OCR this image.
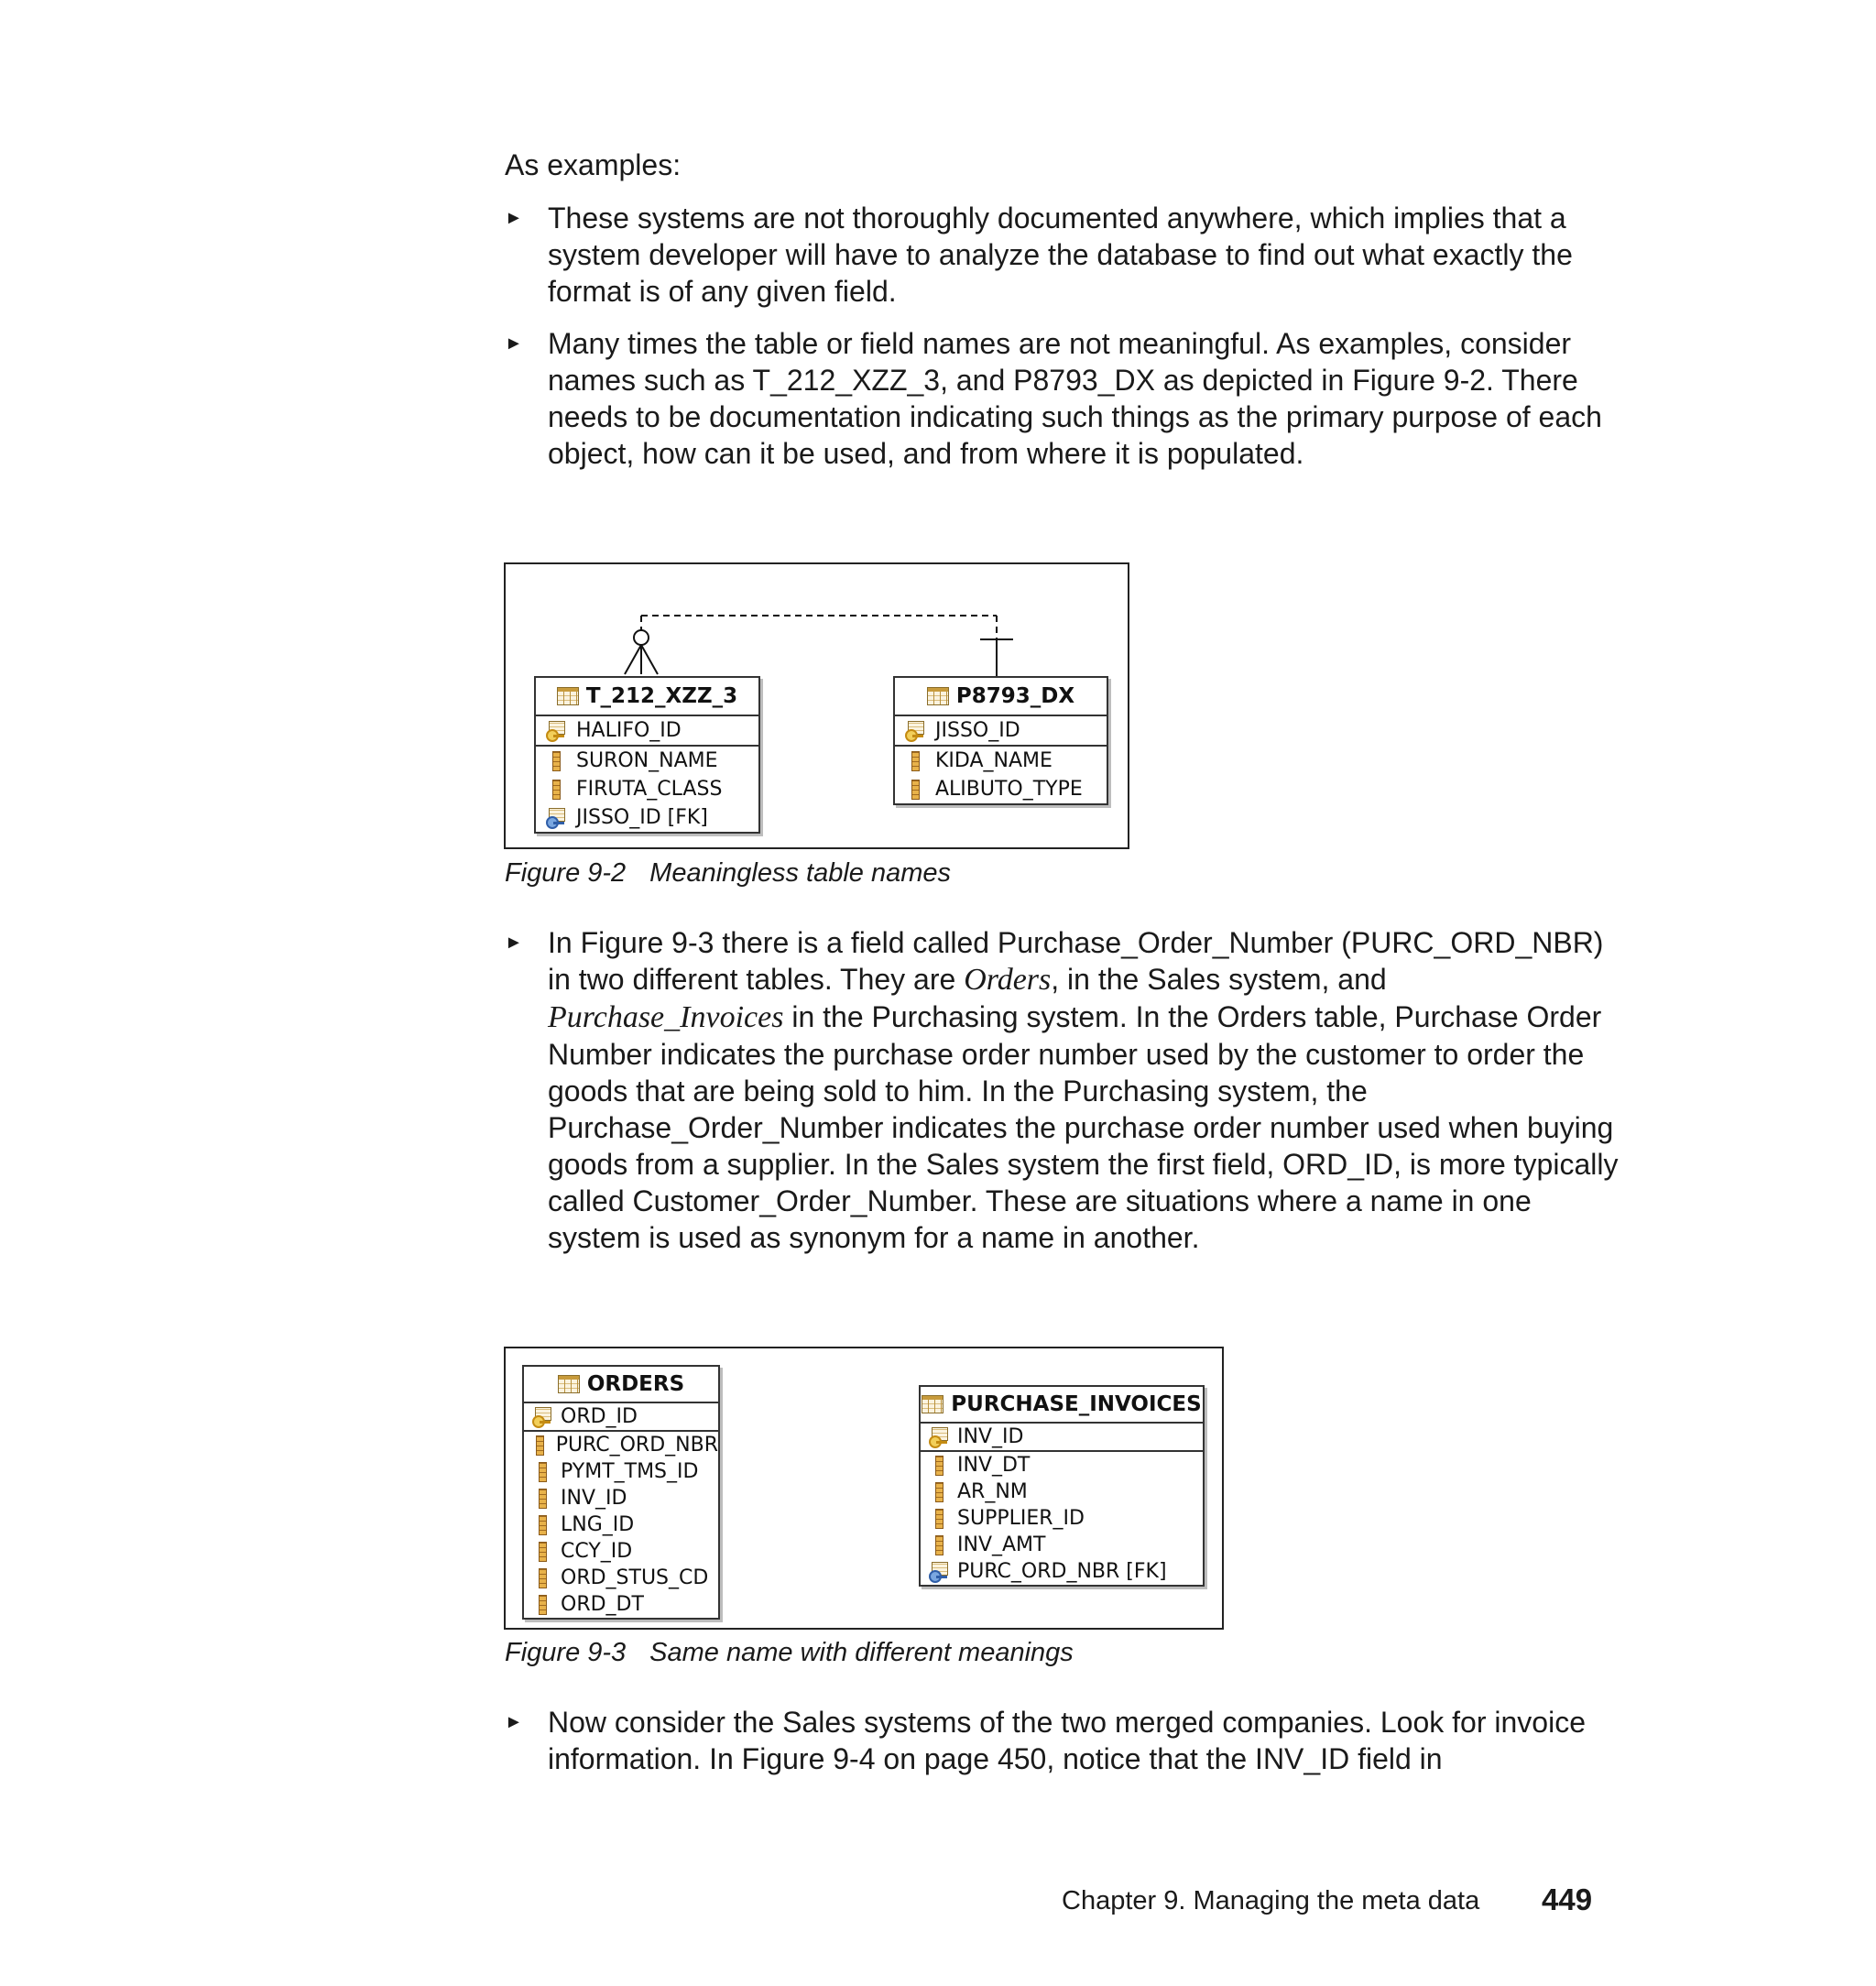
As examples:

► These systems are not thoroughly documented anywhere, which implies that a system developer will have to analyze the database to find out what exactly the format is of any given field.
► Many times the table or field names are not meaningful. As examples, consider names such as T_212_XZZ_3, and P8793_DX as depicted in Figure 9-2. There needs to be documentation indicating such things as the primary purpose of each object, how can it be used, and from where it is populated.
T_212_XZZ_3
HALIFO_ID
SURON_NAME
FIRUTA_CLASS
JISSO_ID [FK]
P8793_DX
JISSO_ID
KIDA_NAME
ALIBUTO_TYPE
Figure 9-2 Meaningless table names
► In Figure 9-3 there is a field called Purchase_Order_Number (PURC_ORD_NBR) in two different tables. They are Orders, in the Sales system, and Purchase_Invoices in the Purchasing system. In the Orders table, Purchase Order Number indicates the purchase order number used by the customer to order the goods that are being sold to him. In the Purchasing system, the Purchase_Order_Number indicates the purchase order number used when buying goods from a supplier. In the Sales system the first field, ORD_ID, is more typically called Customer_Order_Number. These are situations where a name in one system is used as synonym for a name in another.
ORDERS
ORD_ID
PURC_ORD_NBR
PYMT_TMS_ID
INV_ID
LNG_ID
CCY_ID
ORD_STUS_CD
ORD_DT
PURCHASE_INVOICES
INV_ID
INV_DT
AR_NM
SUPPLIER_ID
INV_AMT
PURC_ORD_NBR [FK]
Figure 9-3 Same name with different meanings
► Now consider the Sales systems of the two merged companies. Look for invoice information. In Figure 9-4 on page 450, notice that the INV_ID field in
Chapter 9. Managing the meta data 449
